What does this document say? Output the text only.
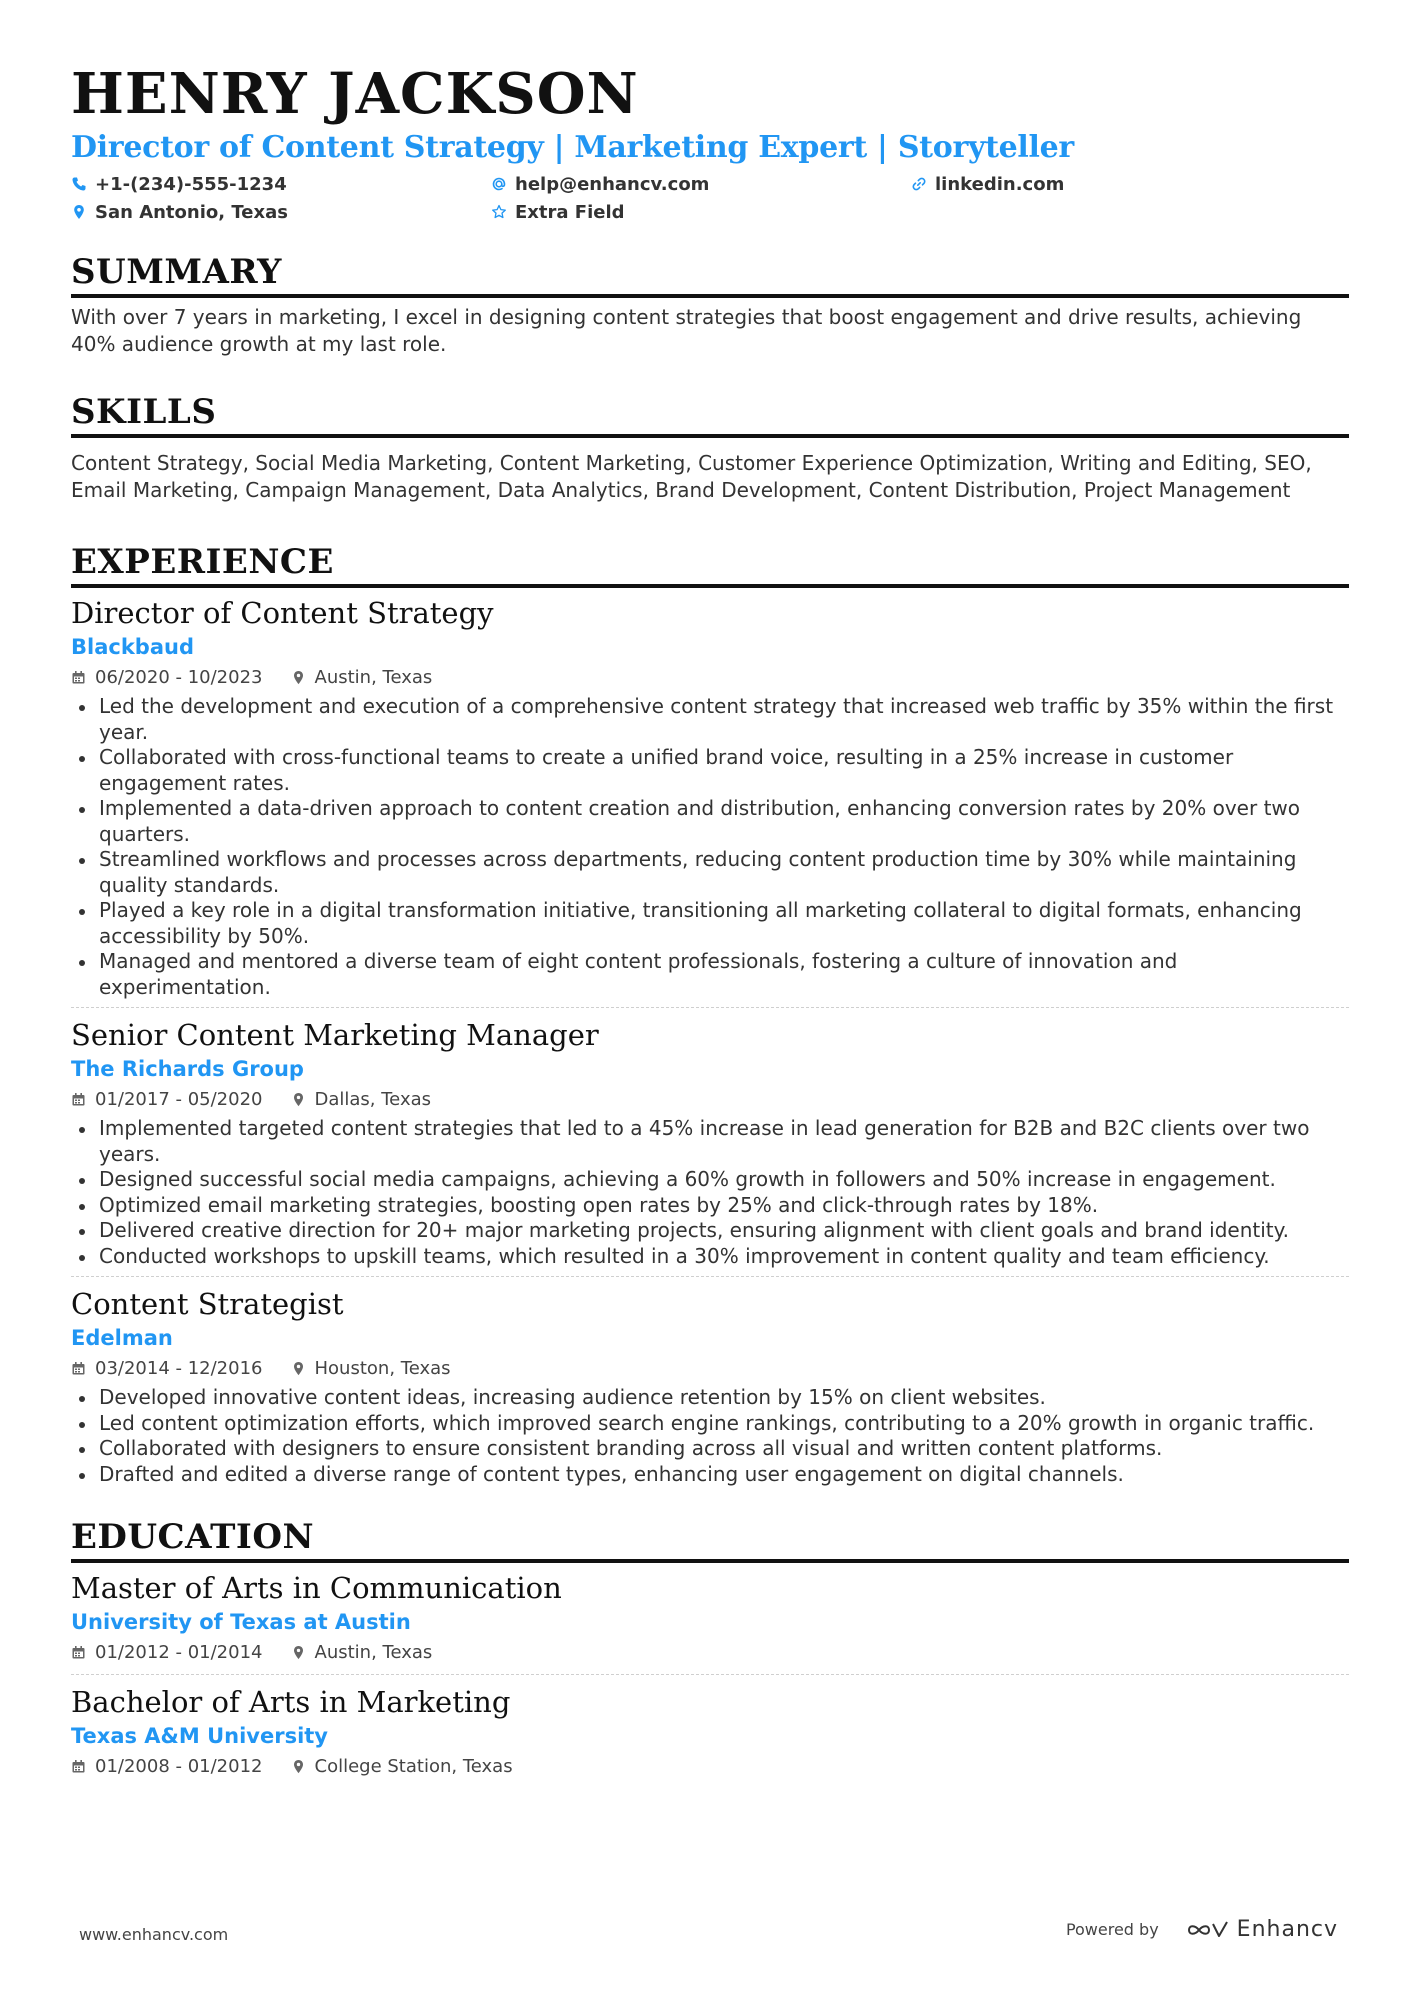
HENRY JACKSON

Director of Content Strategy | Marketing Expert | Storyteller

+1-(234)-555-1234	help@enhancv.com	linkedin.com
San Antonio, Texas	Extra Field
SUMMARY

With over 7 years in marketing, I excel in designing content strategies that boost engagement and drive results, achieving 40% audience growth at my last role.

SKILLS

Content Strategy, Social Media Marketing, Content Marketing, Customer Experience Optimization, Writing and Editing, SEO, Email Marketing, Campaign Management, Data Analytics, Brand Development, Content Distribution, Project Management

EXPERIENCE

Director of Content Strategy

Blackbaud

06/2020 - 10/2023	Austin, Texas
Led the development and execution of a comprehensive content strategy that increased web traffic by 35% within the first year.
Collaborated with cross-functional teams to create a unified brand voice, resulting in a 25% increase in customer engagement rates.
Implemented a data-driven approach to content creation and distribution, enhancing conversion rates by 20% over two quarters.
Streamlined workflows and processes across departments, reducing content production time by 30% while maintaining quality standards.
Played a key role in a digital transformation initiative, transitioning all marketing collateral to digital formats, enhancing accessibility by 50%.
Managed and mentored a diverse team of eight content professionals, fostering a culture of innovation and experimentation.

Senior Content Marketing Manager

The Richards Group

01/2017 - 05/2020	Dallas, Texas
Implemented targeted content strategies that led to a 45% increase in lead generation for B2B and B2C clients over two years.
Designed successful social media campaigns, achieving a 60% growth in followers and 50% increase in engagement.
Optimized email marketing strategies, boosting open rates by 25% and click-through rates by 18%.
Delivered creative direction for 20+ major marketing projects, ensuring alignment with client goals and brand identity.
Conducted workshops to upskill teams, which resulted in a 30% improvement in content quality and team efficiency.

Content Strategist

Edelman

03/2014 - 12/2016	Houston, Texas
Developed innovative content ideas, increasing audience retention by 15% on client websites.
Led content optimization efforts, which improved search engine rankings, contributing to a 20% growth in organic traffic.
Collaborated with designers to ensure consistent branding across all visual and written content platforms.
Drafted and edited a diverse range of content types, enhancing user engagement on digital channels.
EDUCATION

Master of Arts in Communication

University of Texas at Austin

01/2012 - 01/2014	Austin, Texas

Bachelor of Arts in Marketing

Texas A&M University

01/2008 - 01/2012	College Station, Texas
www.enhancv.com	Powered by	Enhancv
